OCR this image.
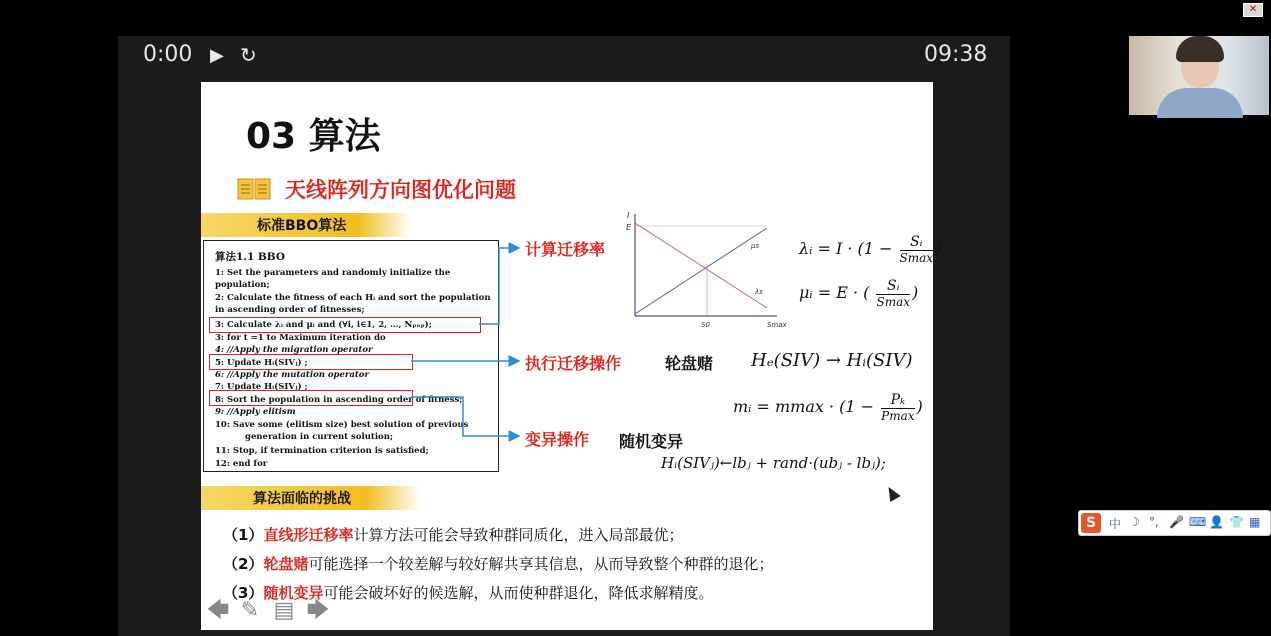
0:00 ▶ ↻	09:38
✕
03 算法
天线阵列方向图优化问题
标准BBO算法
算法1.1 BBO
1: Set the parameters and randomly initialize the
population;
2: Calculate the fitness of each Hᵢ and sort the population
in ascending order of fitnesses;
3: Calculate λᵢ and μᵢ and (∀i, i∈1, 2, …, Nₚₒₚ);
3: for t =1 to Maximum iteration do
4: //Apply the migration operator
5: Update Hᵢ(SIVⱼ) ;
6: //Apply the mutation operator
7: Update Hᵢ(SIVⱼ) ;
8: Sort the population in ascending order of fitness;
9: //Apply elitism
10: Save some (elitism size) best solution of previous
generation in current solution;
11: Stop, if termination criterion is satisfied;
12: end for
计算迁移率
执行迁移操作	轮盘赌
变异操作 随机变异
I
E
μs
λs
S0	Smax
λᵢ = I · (1 −	Sᵢ
Smax )
μᵢ = E · (	Sᵢ
Smax )
Hₑ(SIV) → Hᵢ(SIV)
mᵢ = mmax · (1 −	Pₖ
Pmax )
Hᵢ(SIVⱼ)←lbⱼ + rand·(ubⱼ - lbⱼ);
算法面临的挑战
（1）直线形迁移率计算方法可能会导致种群同质化，进入局部最优；
（2）轮盘赌可能选择一个较差解与较好解共享其信息，从而导致整个种群的退化；
（3）随机变异可能会破坏好的候选解，从而使种群退化，降低求解精度。
🡄 ✎ ▤ 🡆
S	中 ☽ °, 🎤 ⌨ 👤 👕 ▦
